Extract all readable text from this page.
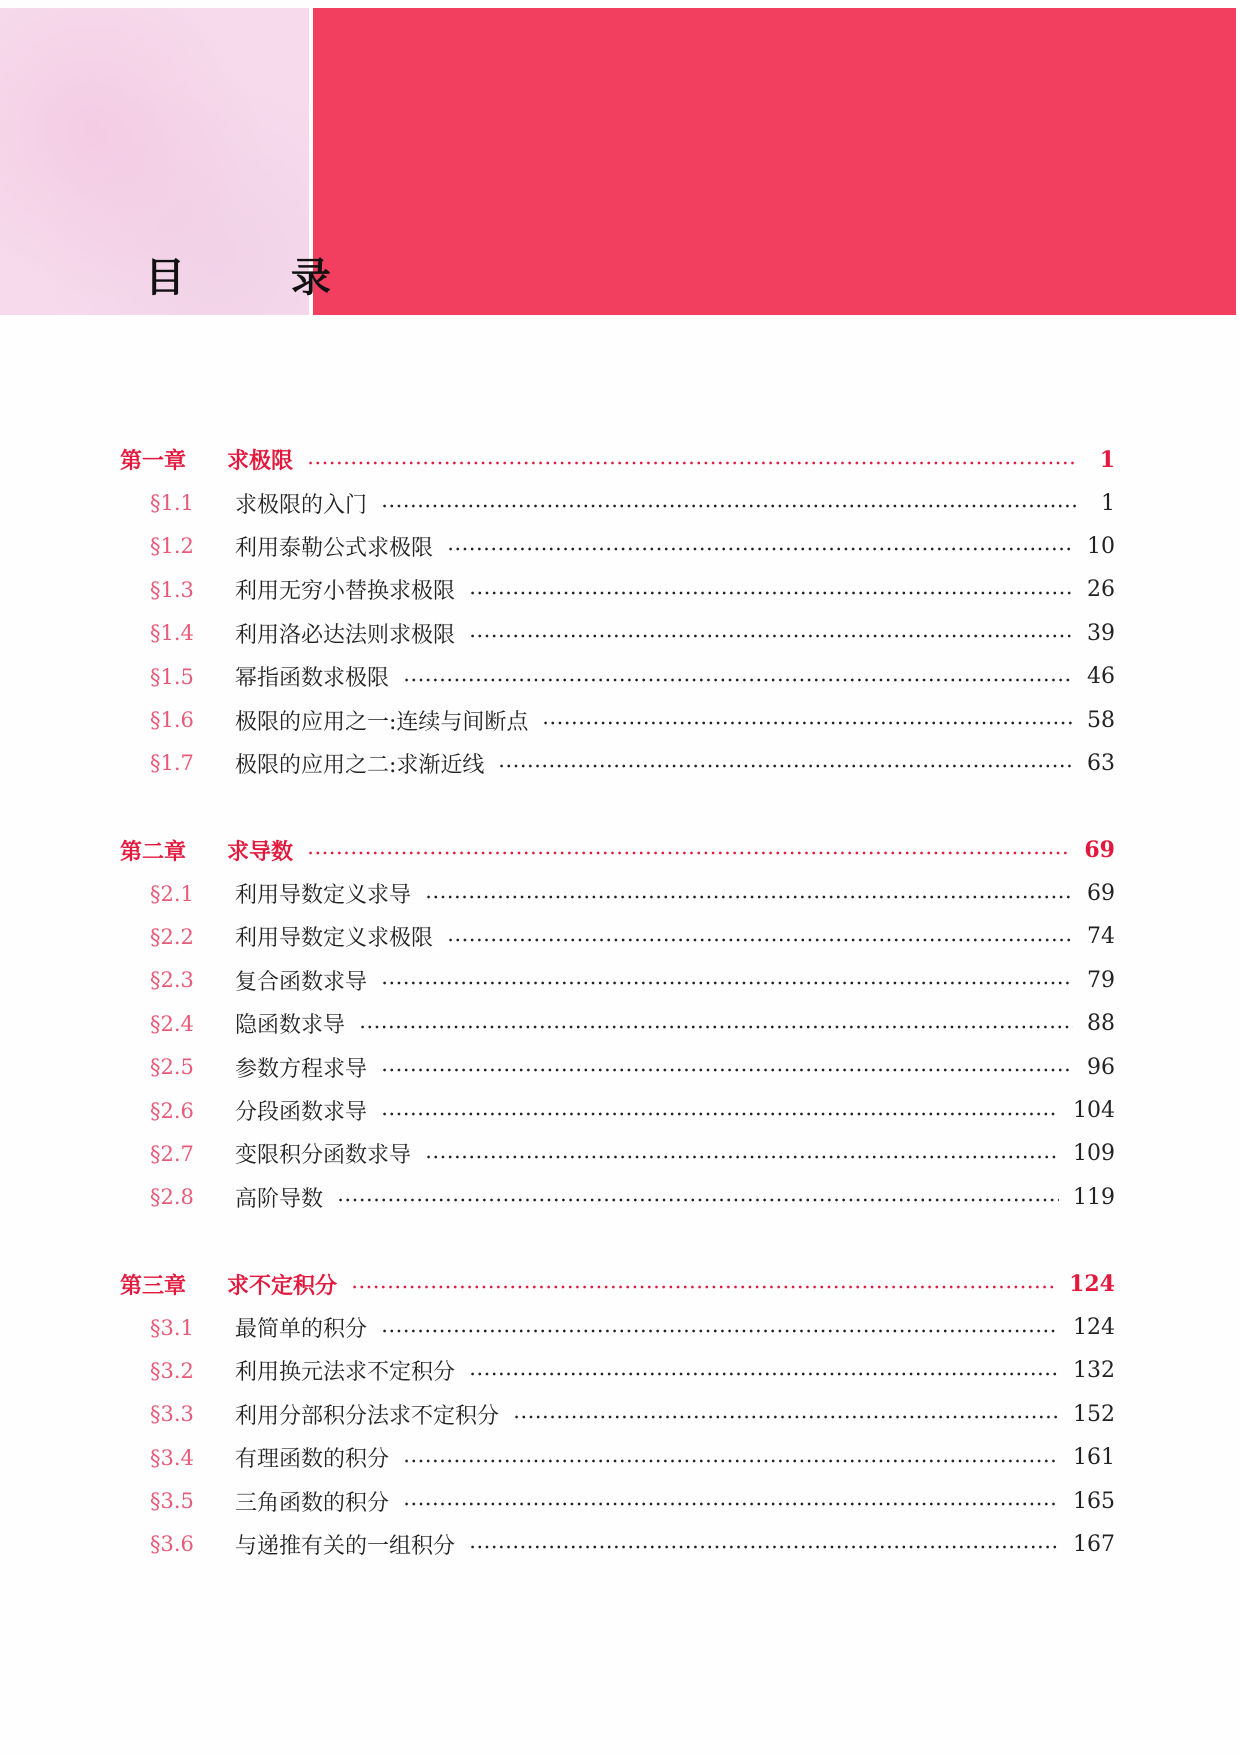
目 录
第一章	求极限	1
§1.1	求极限的入门	1
§1.2	利用泰勒公式求极限	10
§1.3	利用无穷小替换求极限	26
§1.4	利用洛必达法则求极限	39
§1.5	幂指函数求极限	46
§1.6	极限的应用之一:连续与间断点	58
§1.7	极限的应用之二:求渐近线	63
第二章	求导数	69
§2.1	利用导数定义求导	69
§2.2	利用导数定义求极限	74
§2.3	复合函数求导	79
§2.4	隐函数求导	88
§2.5	参数方程求导	96
§2.6	分段函数求导	104
§2.7	变限积分函数求导	109
§2.8	高阶导数	119
第三章	求不定积分	124
§3.1	最简单的积分	124
§3.2	利用换元法求不定积分	132
§3.3	利用分部积分法求不定积分	152
§3.4	有理函数的积分	161
§3.5	三角函数的积分	165
§3.6	与递推有关的一组积分	167
